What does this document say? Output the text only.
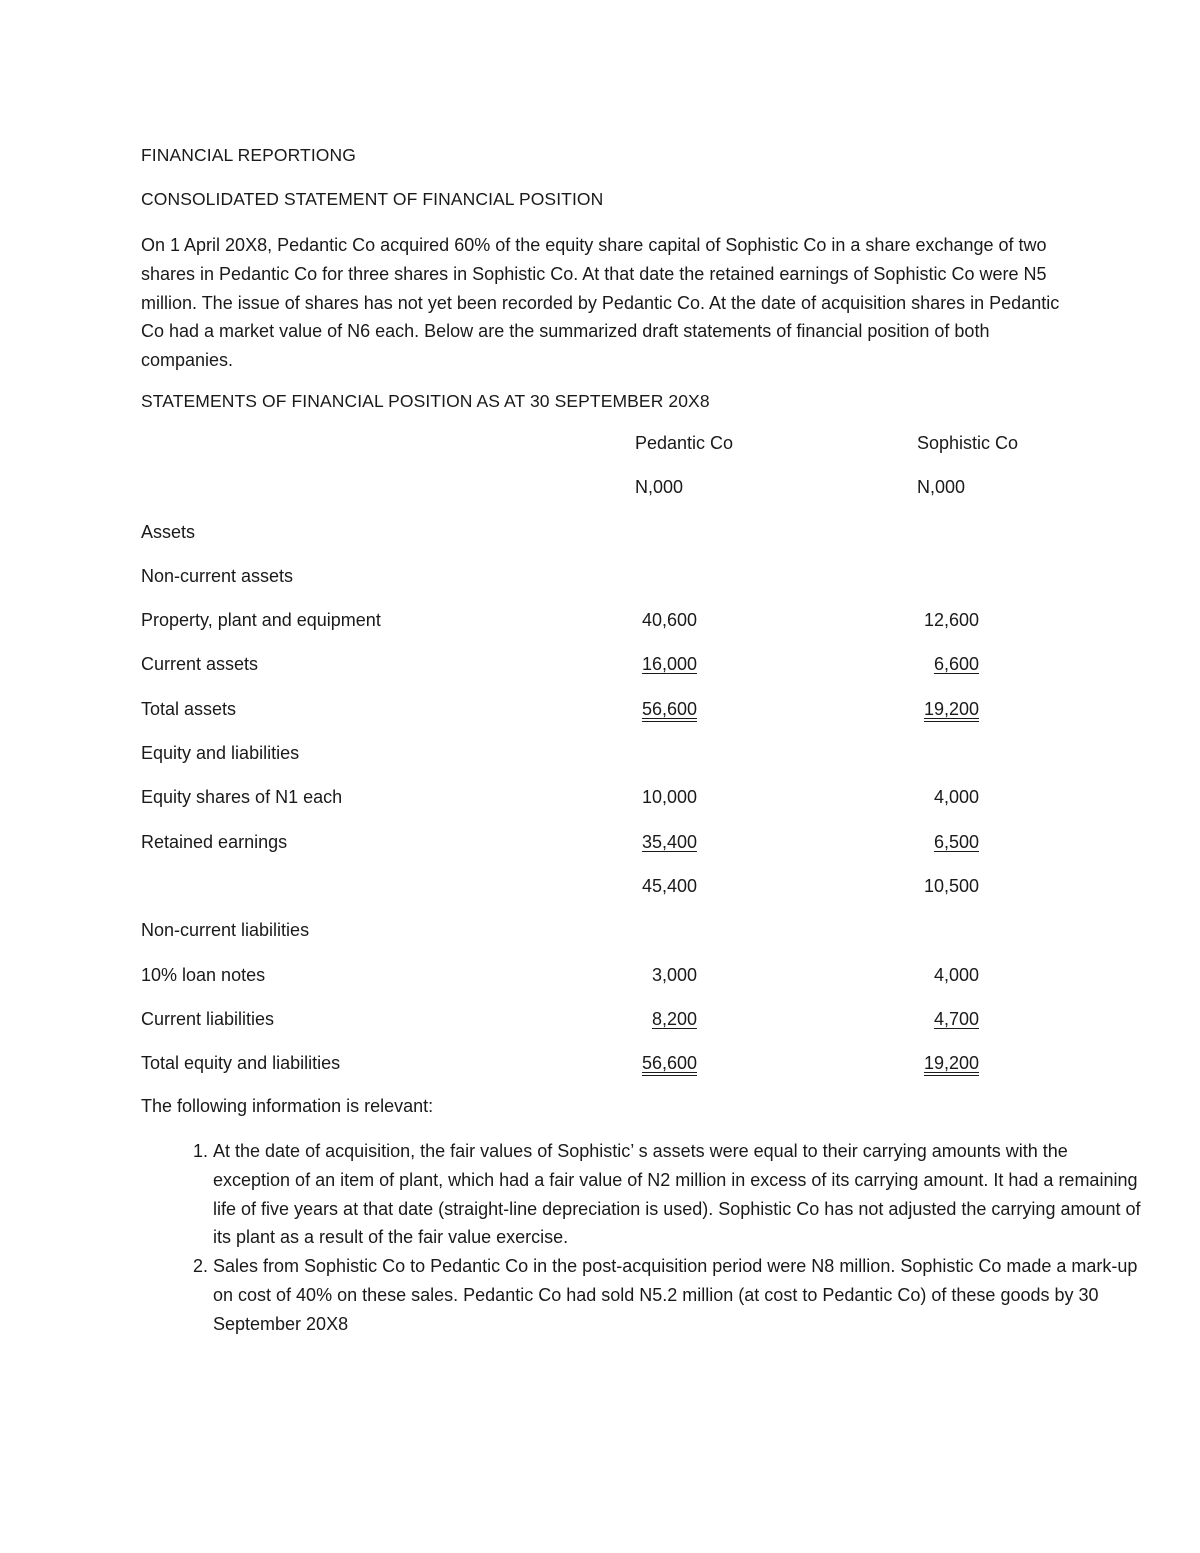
FINANCIAL REPORTIONG
CONSOLIDATED STATEMENT OF FINANCIAL POSITION

On 1 April 20X8, Pedantic Co acquired 60% of the equity share capital of Sophistic Co in a share exchange of two shares in Pedantic Co for three shares in Sophistic Co. At that date the retained earnings of Sophistic Co were N5 million. The issue of shares has not yet been recorded by Pedantic Co. At the date of acquisition shares in Pedantic Co had a market value of N6 each. Below are the summarized draft statements of financial position of both companies.

STATEMENTS OF FINANCIAL POSITION AS AT 30 SEPTEMBER 20X8
Pedantic Co	Sophistic Co
N,000	N,000
Assets
Non-current assets
Property, plant and equipment	40,600	12,600
Current assets	16,000	6,600
Total assets	56,600	19,200
Equity and liabilities
Equity shares of N1 each	10,000	4,000
Retained earnings	35,400	6,500
45,400	10,500
Non-current liabilities
10% loan notes	3,000	4,000
Current liabilities	8,200	4,700
Total equity and liabilities	56,600	19,200
The following information is relevant:
1. At the date of acquisition, the fair values of Sophistic’ s assets were equal to their carrying amounts with the exception of an item of plant, which had a fair value of N2 million in excess of its carrying amount. It had a remaining life of five years at that date (straight-line depreciation is used). Sophistic Co has not adjusted the carrying amount of its plant as a result of the fair value exercise.
2. Sales from Sophistic Co to Pedantic Co in the post-acquisition period were N8 million. Sophistic Co made a mark-up on cost of 40% on these sales. Pedantic Co had sold N5.2 million (at cost to Pedantic Co) of these goods by 30 September 20X8
